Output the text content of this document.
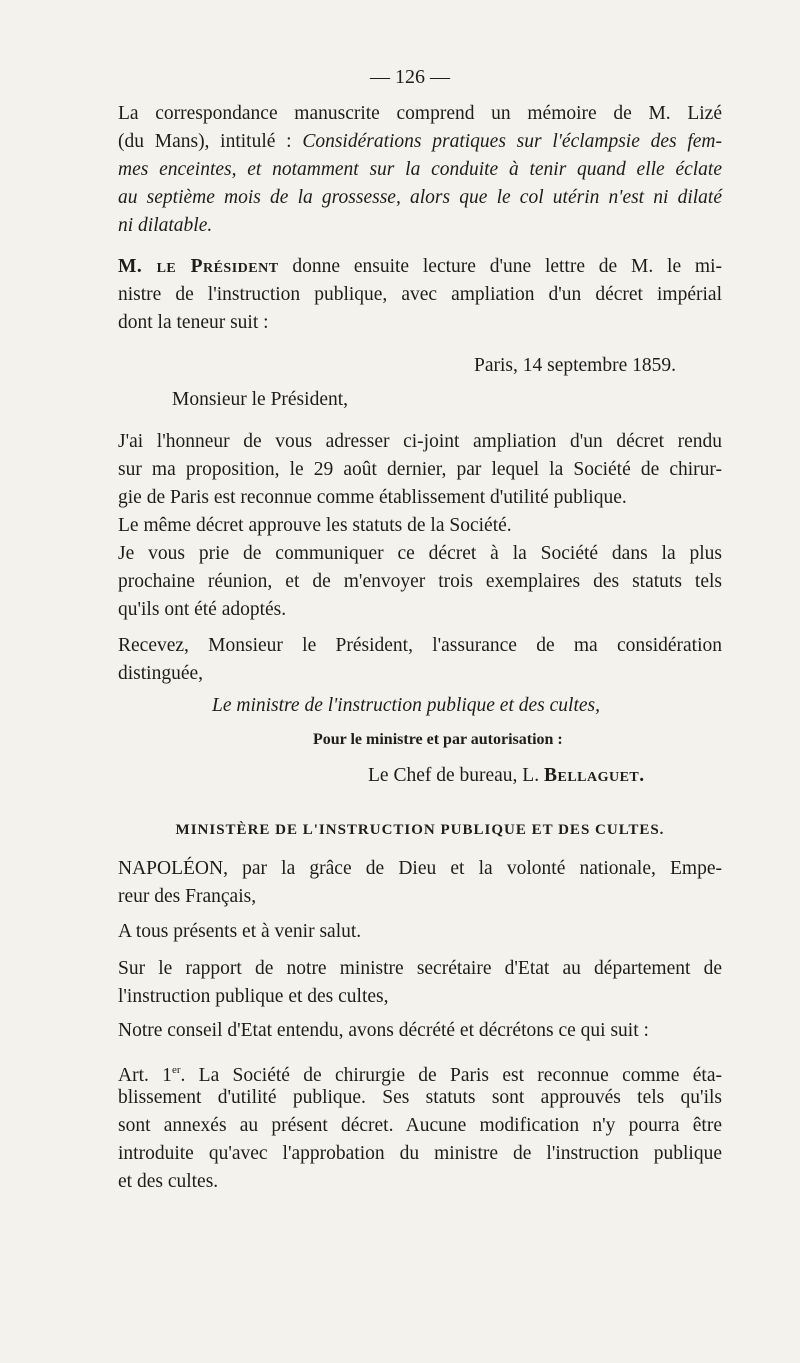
— 126 —
La correspondance manuscrite comprend un mémoire de M. Lizé
(du Mans), intitulé : Considérations pratiques sur l'éclampsie des fem-
mes enceintes, et notamment sur la conduite à tenir quand elle éclate
au septième mois de la grossesse, alors que le col utérin n'est ni dilaté
ni dilatable.
M. le Président donne ensuite lecture d'une lettre de M. le mi-
nistre de l'instruction publique, avec ampliation d'un décret impérial
dont la teneur suit :
Paris, 14 septembre 1859.
Monsieur le Président,
J'ai l'honneur de vous adresser ci-joint ampliation d'un décret rendu
sur ma proposition, le 29 août dernier, par lequel la Société de chirur-
gie de Paris est reconnue comme établissement d'utilité publique.
Le même décret approuve les statuts de la Société.
Je vous prie de communiquer ce décret à la Société dans la plus
prochaine réunion, et de m'envoyer trois exemplaires des statuts tels
qu'ils ont été adoptés.
Recevez, Monsieur le Président, l'assurance de ma considération
distinguée,
Le ministre de l'instruction publique et des cultes,
Pour le ministre et par autorisation :
Le Chef de bureau, L. Bellaguet.
MINISTÈRE DE L'INSTRUCTION PUBLIQUE ET DES CULTES.
NAPOLÉON, par la grâce de Dieu et la volonté nationale, Empe-
reur des Français,
A tous présents et à venir salut.
Sur le rapport de notre ministre secrétaire d'Etat au département de
l'instruction publique et des cultes,
Notre conseil d'Etat entendu, avons décrété et décrétons ce qui suit :
Art. 1er. La Société de chirurgie de Paris est reconnue comme éta-
blissement d'utilité publique. Ses statuts sont approuvés tels qu'ils
sont annexés au présent décret. Aucune modification n'y pourra être
introduite qu'avec l'approbation du ministre de l'instruction publique
et des cultes.
